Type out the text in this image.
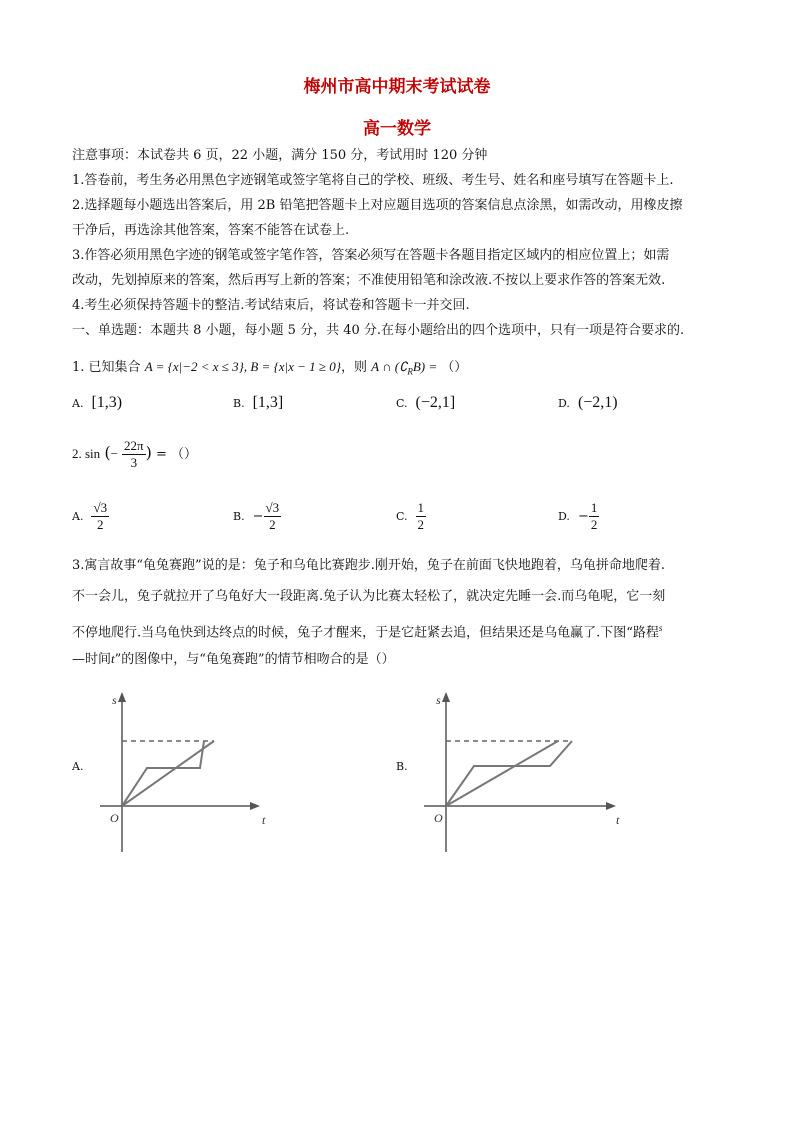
梅州市高中期末考试试卷
高一数学
注意事项：本试卷共 6 页，22 小题，满分 150 分，考试用时 120 分钟
1.答卷前，考生务必用黑色字迹钢笔或签字笔将自己的学校、班级、考生号、姓名和座号填写在答题卡上.
2.选择题每小题选出答案后，用 2B 铅笔把答题卡上对应题目选项的答案信息点涂黑，如需改动，用橡皮擦
干净后，再选涂其他答案，答案不能答在试卷上.
3.作答必须用黑色字迹的钢笔或签字笔作答，答案必须写在答题卡各题目指定区域内的相应位置上；如需
改动，先划掉原来的答案，然后再写上新的答案；不准使用铅笔和涂改液.不按以上要求作答的答案无效.
4.考生必须保持答题卡的整洁.考试结束后，将试卷和答题卡一并交回.
一、单选题：本题共 8 小题，每小题 5 分，共 40 分.在每小题给出的四个选项中，只有一项是符合要求的.
1. 已知集合 A = {x|−2 < x ≤ 3}, B = {x|x − 1 ≥ 0}，则 A ∩ $(∁_RB)$ = （）
A. [1,3)	B. [1,3]	C. (−2,1]	D. (−2,1)
2. sin (− $\frac{22\pi}{3}$ ) = （）
A. $\frac{√3}{2}$	B. − $\frac{√3}{2}$	C. $\frac{1}{2}$	D. − $\frac{1}{2}$
3.寓言故事“龟兔赛跑”说的是：兔子和乌龟比赛跑步.刚开始，兔子在前面飞快地跑着，乌龟拼命地爬着.
不一会儿，兔子就拉开了乌龟好大一段距离.兔子认为比赛太轻松了，就决定先睡一会.而乌龟呢，它一刻
不停地爬行.当乌龟快到达终点的时候，兔子才醒来，于是它赶紧去追，但结果还是乌龟赢了.下图“路程$^s$
—时间t”的图像中，与“龟兔赛跑”的情节相吻合的是（）
A.
s
O	t
B.
s
O	t
